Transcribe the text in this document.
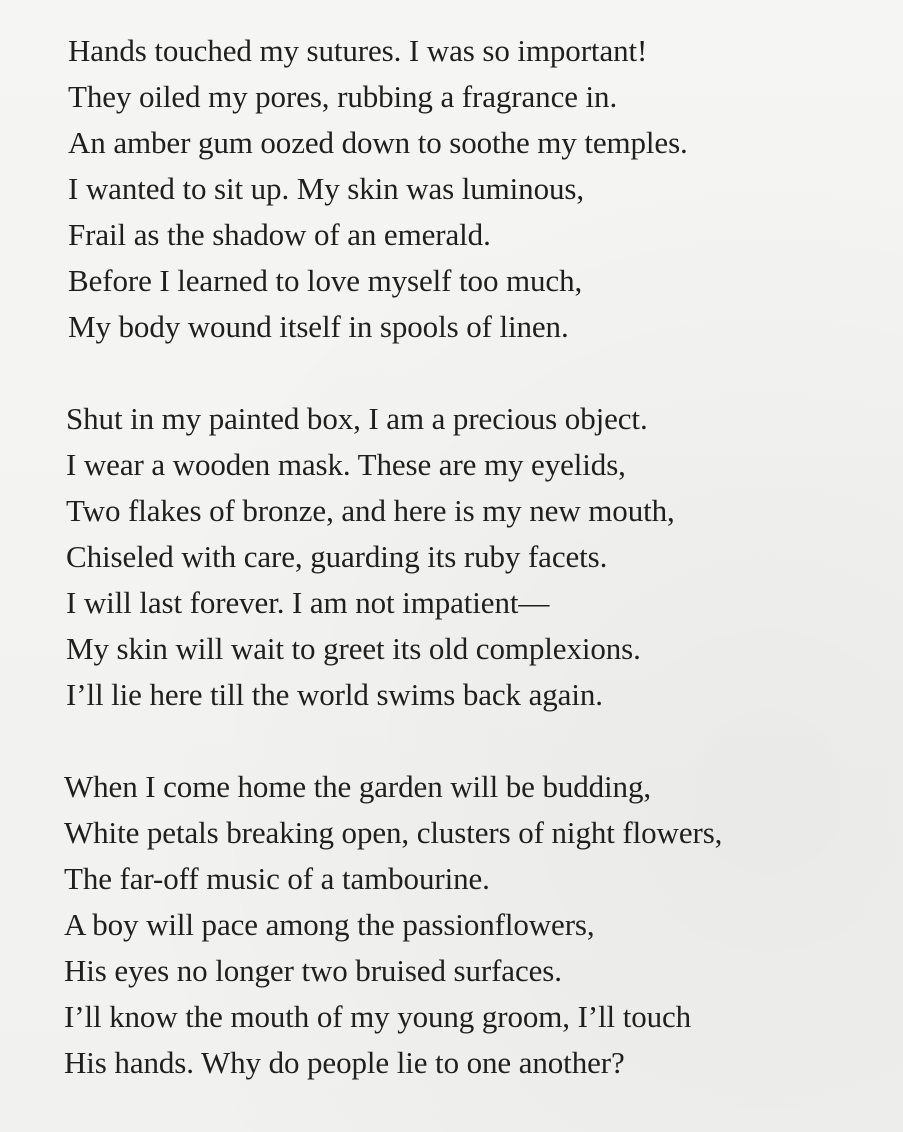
Hands touched my sutures. I was so important!
They oiled my pores, rubbing a fragrance in.
An amber gum oozed down to soothe my temples.
I wanted to sit up. My skin was luminous,
Frail as the shadow of an emerald.
Before I learned to love myself too much,
My body wound itself in spools of linen.
Shut in my painted box, I am a precious object.
I wear a wooden mask. These are my eyelids,
Two flakes of bronze, and here is my new mouth,
Chiseled with care, guarding its ruby facets.
I will last forever. I am not impatient—
My skin will wait to greet its old complexions.
I’ll lie here till the world swims back again.
When I come home the garden will be budding,
White petals breaking open, clusters of night flowers,
The far-off music of a tambourine.
A boy will pace among the passionflowers,
His eyes no longer two bruised surfaces.
I’ll know the mouth of my young groom, I’ll touch
His hands. Why do people lie to one another?
